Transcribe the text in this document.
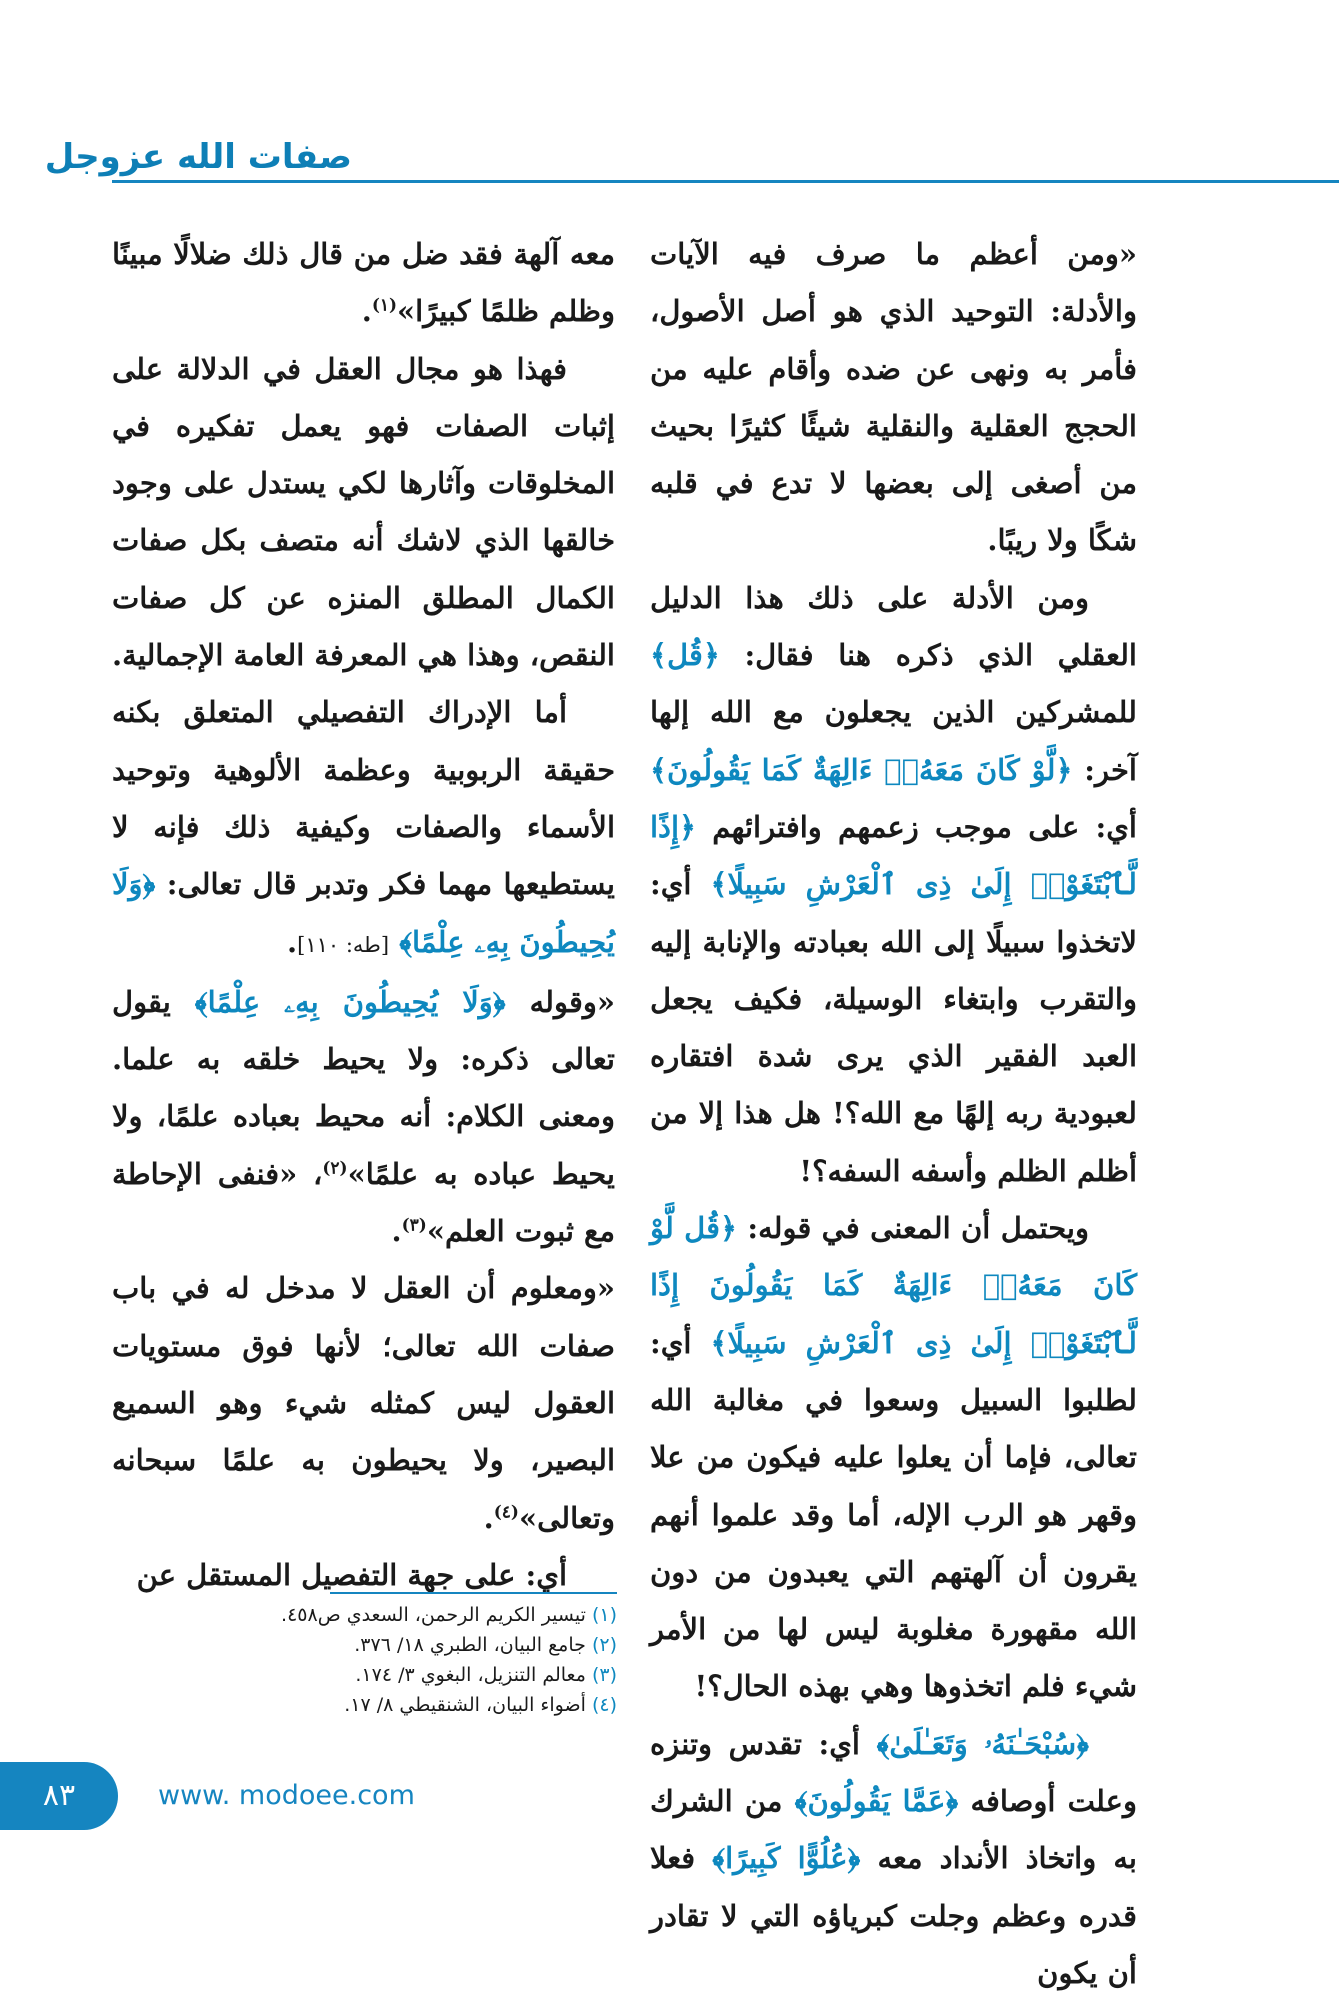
صفات الله عزوجل

«ومن أعظم ما صرف فيه الآيات والأدلة: التوحيد الذي هو أصل الأصول، فأمر به ونهى عن ضده وأقام عليه من الحجج العقلية والنقلية شيئًا كثيرًا بحيث من أصغى إلى بعضها لا تدع في قلبه شكًا ولا ريبًا.

ومن الأدلة على ذلك هذا الدليل العقلي الذي ذكره هنا فقال: ﴿قُل﴾ للمشركين الذين يجعلون مع الله إلها آخر: ﴿لَّوْ كَانَ مَعَهُۥٓ ءَالِهَةٌ كَمَا يَقُولُونَ﴾ أي: على موجب زعمهم وافترائهم ﴿إِذًا لَّٱبْتَغَوْا۟ إِلَىٰ ذِى ٱلْعَرْشِ سَبِيلًا﴾ أي: لاتخذوا سبيلًا إلى الله بعبادته والإنابة إليه والتقرب وابتغاء الوسيلة، فكيف يجعل العبد الفقير الذي يرى شدة افتقاره لعبودية ربه إلهًا مع الله؟! هل هذا إلا من أظلم الظلم وأسفه السفه؟!

ويحتمل أن المعنى في قوله: ﴿قُل لَّوْ كَانَ مَعَهُۥٓ ءَالِهَةٌ كَمَا يَقُولُونَ إِذًا لَّٱبْتَغَوْا۟ إِلَىٰ ذِى ٱلْعَرْشِ سَبِيلًا﴾ أي: لطلبوا السبيل وسعوا في مغالبة الله تعالى، فإما أن يعلوا عليه فيكون من علا وقهر هو الرب الإله، أما وقد علموا أنهم يقرون أن آلهتهم التي يعبدون من دون الله مقهورة مغلوبة ليس لها من الأمر شيء فلم اتخذوها وهي بهذه الحال؟!

﴿سُبْحَـٰنَهُۥ وَتَعَـٰلَىٰ﴾ أي: تقدس وتنزه وعلت أوصافه ﴿عَمَّا يَقُولُونَ﴾ من الشرك به واتخاذ الأنداد معه ﴿عُلُوًّا كَبِيرًا﴾ فعلا قدره وعظم وجلت كبرياؤه التي لا تقادر أن يكون

معه آلهة فقد ضل من قال ذلك ضلالًا مبينًا وظلم ظلمًا كبيرًا»$^{(١)}$.

فهذا هو مجال العقل في الدلالة على إثبات الصفات فهو يعمل تفكيره في المخلوقات وآثارها لكي يستدل على وجود خالقها الذي لاشك أنه متصف بكل صفات الكمال المطلق المنزه عن كل صفات النقص، وهذا هي المعرفة العامة الإجمالية.

أما الإدراك التفصيلي المتعلق بكنه حقيقة الربوبية وعظمة الألوهية وتوحيد الأسماء والصفات وكيفية ذلك فإنه لا يستطيعها مهما فكر وتدبر قال تعالى: ﴿وَلَا يُحِيطُونَ بِهِۦ عِلْمًا﴾ [طه: ١١٠].

«وقوله ﴿وَلَا يُحِيطُونَ بِهِۦ عِلْمًا﴾ يقول تعالى ذكره: ولا يحيط خلقه به علما. ومعنى الكلام: أنه محيط بعباده علمًا، ولا يحيط عباده به علمًا»$^{(٢)}$، «فنفى الإحاطة مع ثبوت العلم»$^{(٣)}$.

«ومعلوم أن العقل لا مدخل له في باب صفات الله تعالى؛ لأنها فوق مستويات العقول ليس كمثله شيء وهو السميع البصير، ولا يحيطون به علمًا سبحانه وتعالى»$^{(٤)}$.

أي: على جهة التفصيل المستقل عن

(١) تيسير الكريم الرحمن، السعدي ص٤٥٨.
(٢) جامع البيان، الطبري ١٨/ ٣٧٦.
(٣) معالم التنزيل، البغوي ٣/ ١٧٤.
(٤) أضواء البيان، الشنقيطي ٨/ ١٧.
٨٣	www. modoee.com
